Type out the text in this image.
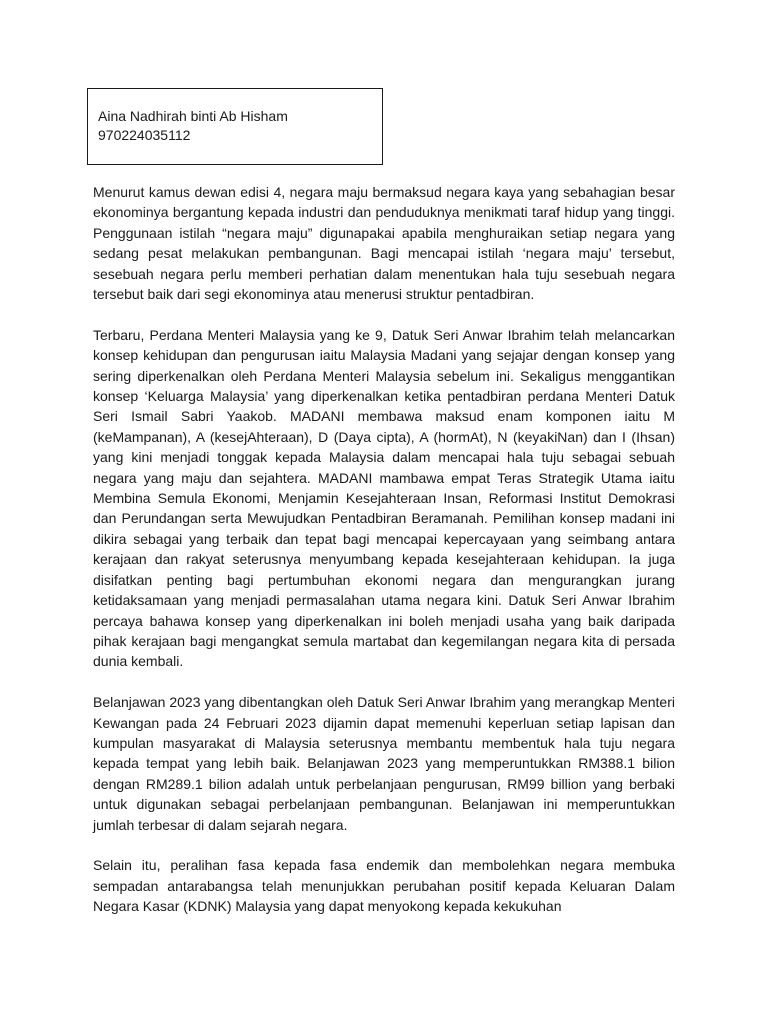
Aina Nadhirah binti Ab Hisham
970224035112

Menurut kamus dewan edisi 4, negara maju bermaksud negara kaya yang sebahagian besar ekonominya bergantung kepada industri dan penduduknya menikmati taraf hidup yang tinggi. Penggunaan istilah “negara maju” digunapakai apabila menghuraikan setiap negara yang sedang pesat melakukan pembangunan. Bagi mencapai istilah ‘negara maju’ tersebut, sesebuah negara perlu memberi perhatian dalam menentukan hala tuju sesebuah negara tersebut baik dari segi ekonominya atau menerusi struktur pentadbiran.

Terbaru, Perdana Menteri Malaysia yang ke 9, Datuk Seri Anwar Ibrahim telah melancarkan konsep kehidupan dan pengurusan iaitu Malaysia Madani yang sejajar dengan konsep yang sering diperkenalkan oleh Perdana Menteri Malaysia sebelum ini. Sekaligus menggantikan konsep ‘Keluarga Malaysia’ yang diperkenalkan ketika pentadbiran perdana Menteri Datuk Seri Ismail Sabri Yaakob. MADANI membawa maksud enam komponen iaitu M (keMampanan), A (kesejAhteraan), D (Daya cipta), A (hormAt), N (keyakiNan) dan I (Ihsan) yang kini menjadi tonggak kepada Malaysia dalam mencapai hala tuju sebagai sebuah negara yang maju dan sejahtera. MADANI mambawa empat Teras Strategik Utama iaitu Membina Semula Ekonomi, Menjamin Kesejahteraan Insan, Reformasi Institut Demokrasi dan Perundangan serta Mewujudkan Pentadbiran Beramanah. Pemilihan konsep madani ini dikira sebagai yang terbaik dan tepat bagi mencapai kepercayaan yang seimbang antara kerajaan dan rakyat seterusnya menyumbang kepada kesejahteraan kehidupan. Ia juga disifatkan penting bagi pertumbuhan ekonomi negara dan mengurangkan jurang ketidaksamaan yang menjadi permasalahan utama negara kini. Datuk Seri Anwar Ibrahim percaya bahawa konsep yang diperkenalkan ini boleh menjadi usaha yang baik daripada pihak kerajaan bagi mengangkat semula martabat dan kegemilangan negara kita di persada dunia kembali.

Belanjawan 2023 yang dibentangkan oleh Datuk Seri Anwar Ibrahim yang merangkap Menteri Kewangan pada 24 Februari 2023 dijamin dapat memenuhi keperluan setiap lapisan dan kumpulan masyarakat di Malaysia seterusnya membantu membentuk hala tuju negara kepada tempat yang lebih baik. Belanjawan 2023 yang memperuntukkan RM388.1 bilion dengan RM289.1 bilion adalah untuk perbelanjaan pengurusan, RM99 billion yang berbaki untuk digunakan sebagai perbelanjaan pembangunan. Belanjawan ini memperuntukkan jumlah terbesar di dalam sejarah negara.

Selain itu, peralihan fasa kepada fasa endemik dan membolehkan negara membuka sempadan antarabangsa telah menunjukkan perubahan positif kepada Keluaran Dalam Negara Kasar (KDNK) Malaysia yang dapat menyokong kepada kekukuhan
